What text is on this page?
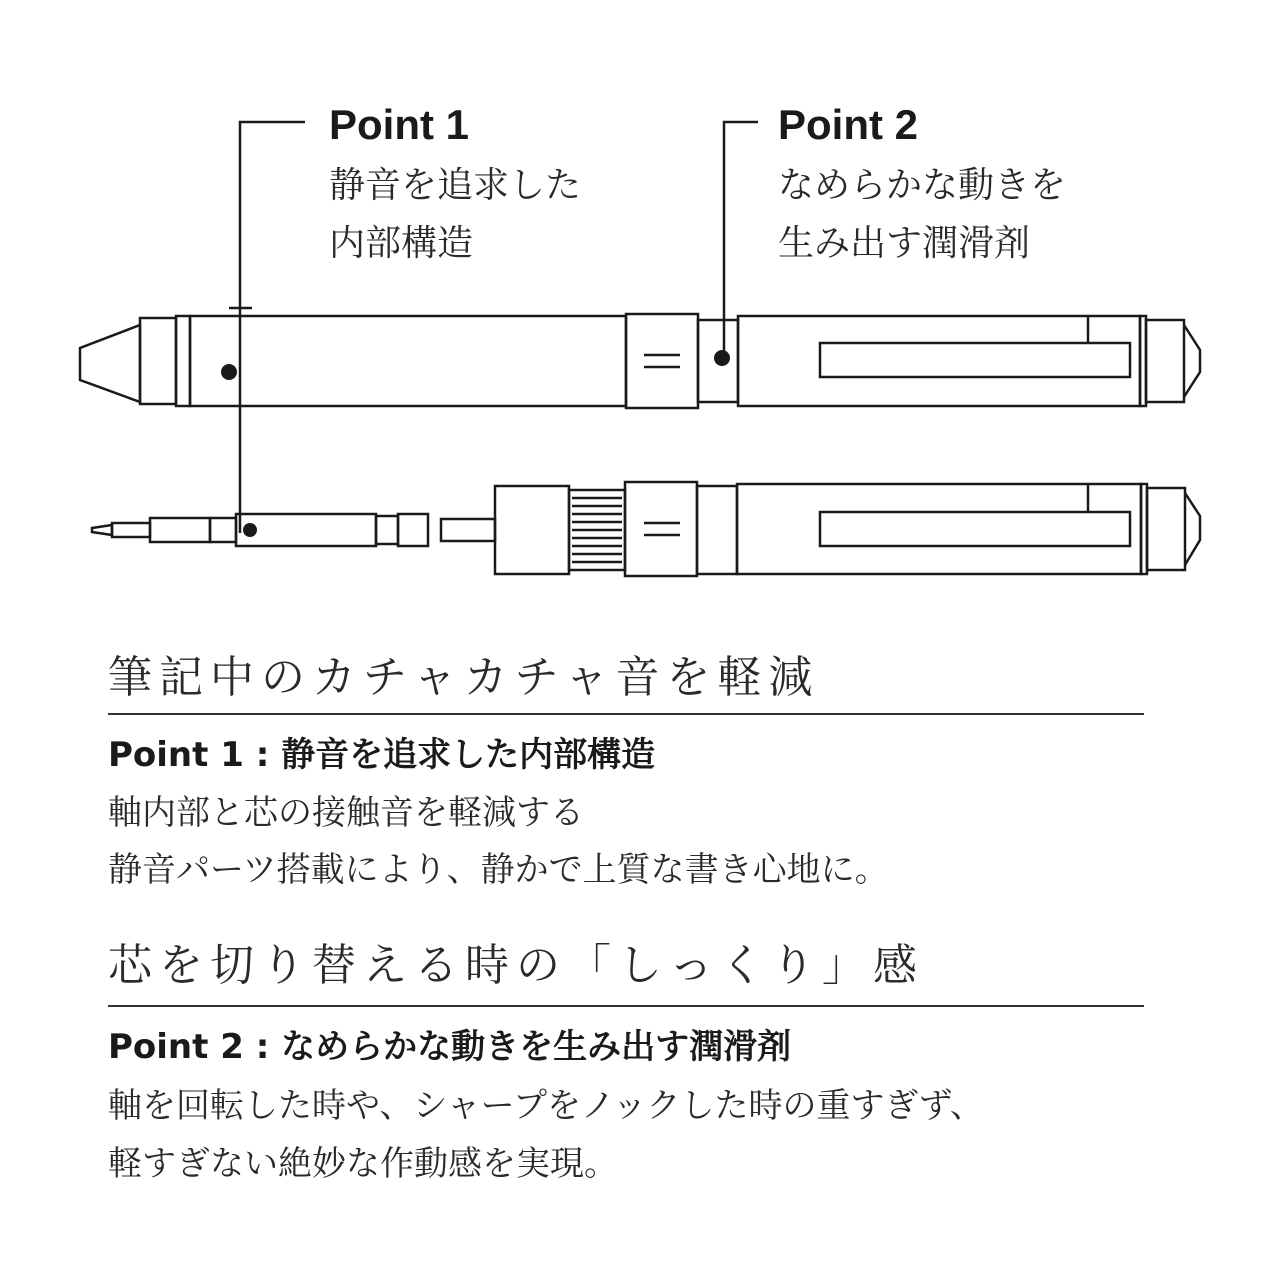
Point 1
静音を追求した
内部構造
Point 2
なめらかな動きを
生み出す潤滑剤
筆記中のカチャカチャ音を軽減
Point 1 : 静音を追求した内部構造
軸内部と芯の接触音を軽減する
静音パーツ搭載により、静かで上質な書き心地に。
芯を切り替える時の「しっくり」感
Point 2 : なめらかな動きを生み出す潤滑剤
軸を回転した時や、シャープをノックした時の重すぎず、
軽すぎない絶妙な作動感を実現。
